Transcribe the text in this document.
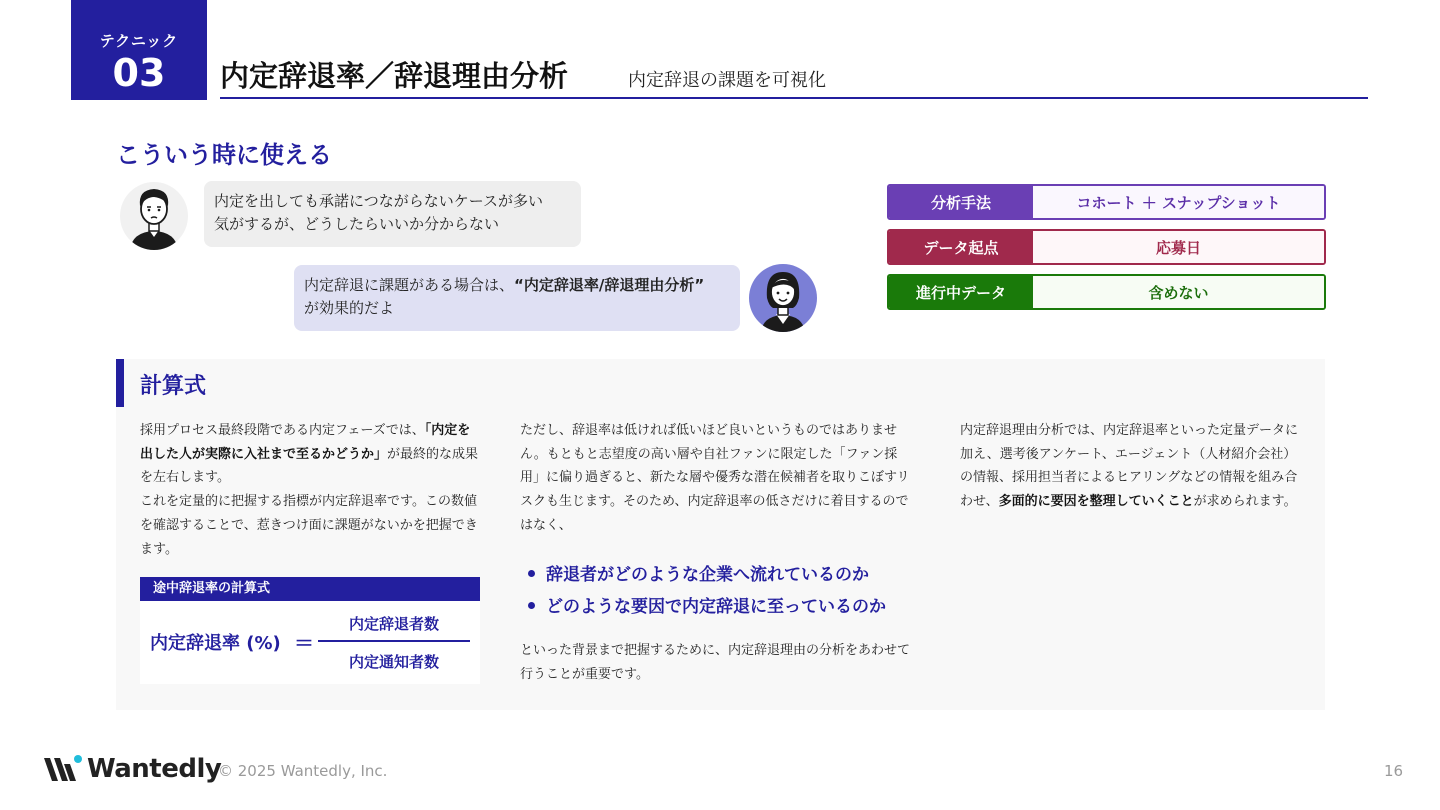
テクニック
03	内定辞退率／辞退理由分析	内定辞退の課題を可視化
こういう時に使える
内定を出しても承諾につながらないケースが多い
気がするが、どうしたらいいか分からない
内定辞退に課題がある場合は、“内定辞退率/辞退理由分析”
が効果的だよ
分析手法	コホート ＋ スナップショット
データ起点	応募日
進行中データ	含めない
計算式
採用プロセス最終段階である内定フェーズでは、「内定を出した人が実際に入社まで至るかどうか」が最終的な成果を左右します。
これを定量的に把握する指標が内定辞退率です。この数値を確認することで、惹きつけ面に課題がないかを把握できます。
途中辞退率の計算式
内定辞退率 (%) ＝
内定辞退者数
内定通知者数
ただし、辞退率は低ければ低いほど良いというものではありません。もともと志望度の高い層や自社ファンに限定した「ファン採用」に偏り過ぎると、新たな層や優秀な潜在候補者を取りこぼすリスクも生じます。そのため、内定辞退率の低さだけに着目するのではなく、
辞退者がどのような企業へ流れているのか
どのような要因で内定辞退に至っているのか
といった背景まで把握するために、内定辞退理由の分析をあわせて行うことが重要です。
内定辞退理由分析では、内定辞退率といった定量データに加え、選考後アンケート、エージェント（人材紹介会社）の情報、採用担当者によるヒアリングなどの情報を組み合わせ、多面的に要因を整理していくことが求められます。
Wantedly
© 2025 Wantedly, Inc.	16
